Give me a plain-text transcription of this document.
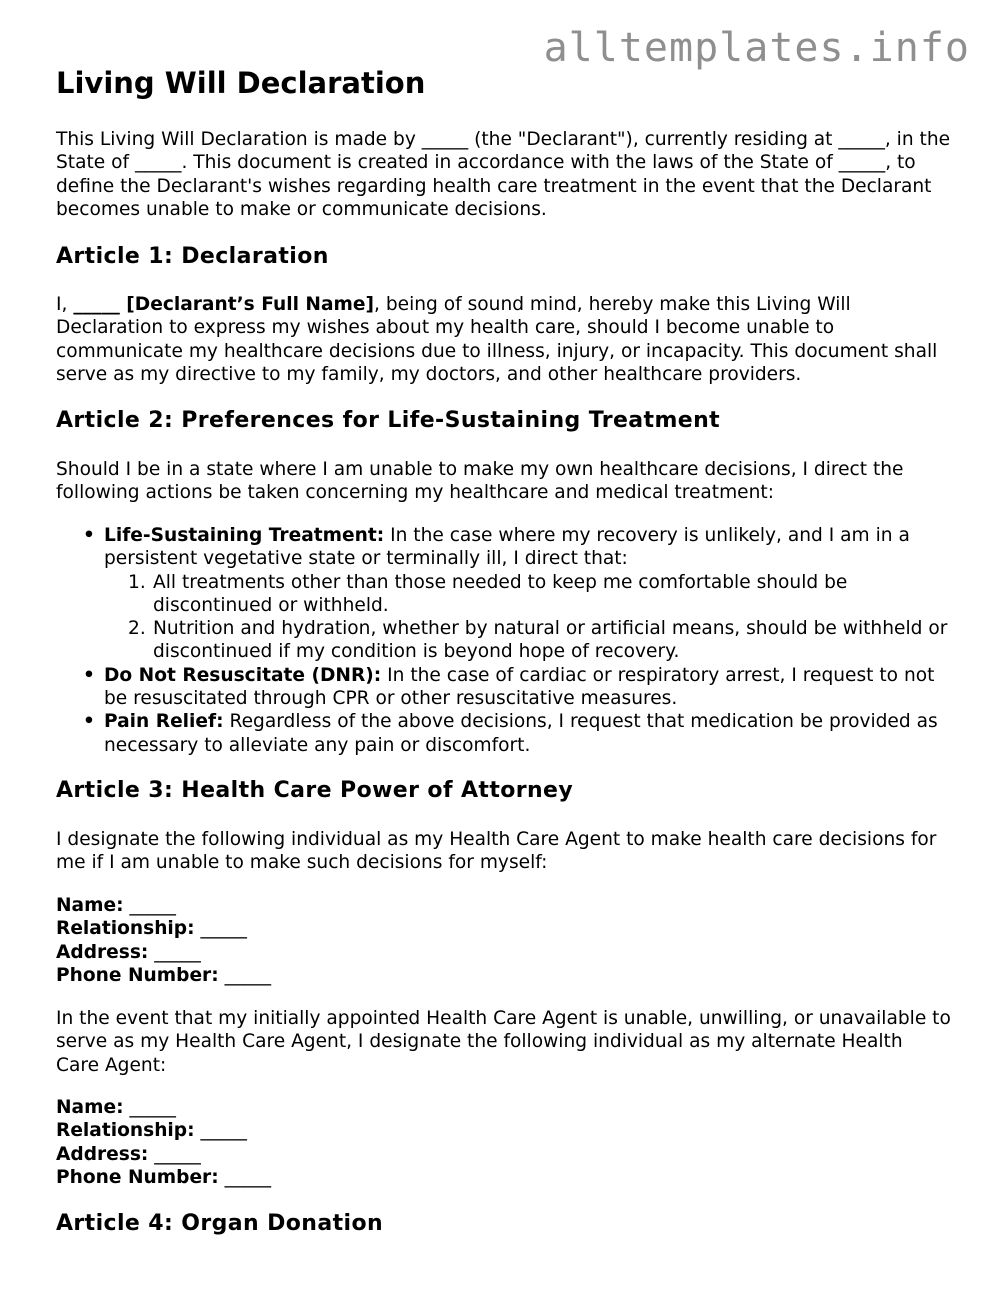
alltemplates.info
Living Will Declaration

This Living Will Declaration is made by _____ (the "Declarant"), currently residing at _____, in the State of _____. This document is created in accordance with the laws of the State of _____, to define the Declarant's wishes regarding health care treatment in the event that the Declarant becomes unable to make or communicate decisions.

Article 1: Declaration

I, _____ [Declarant’s Full Name], being of sound mind, hereby make this Living Will Declaration to express my wishes about my health care, should I become unable to communicate my healthcare decisions due to illness, injury, or incapacity. This document shall serve as my directive to my family, my doctors, and other healthcare providers.

Article 2: Preferences for Life-Sustaining Treatment

Should I be in a state where I am unable to make my own healthcare decisions, I direct the following actions be taken concerning my healthcare and medical treatment:

• Life-Sustaining Treatment: In the case where my recovery is unlikely, and I am in a persistent vegetative state or terminally ill, I direct that:
1. All treatments other than those needed to keep me comfortable should be discontinued or withheld.
2. Nutrition and hydration, whether by natural or artificial means, should be withheld or discontinued if my condition is beyond hope of recovery.
• Do Not Resuscitate (DNR): In the case of cardiac or respiratory arrest, I request to not be resuscitated through CPR or other resuscitative measures.
• Pain Relief: Regardless of the above decisions, I request that medication be provided as necessary to alleviate any pain or discomfort.
Article 3: Health Care Power of Attorney

I designate the following individual as my Health Care Agent to make health care decisions for me if I am unable to make such decisions for myself:

Name: _____
Relationship: _____
Address: _____
Phone Number: _____

In the event that my initially appointed Health Care Agent is unable, unwilling, or unavailable to serve as my Health Care Agent, I designate the following individual as my alternate Health Care Agent:

Name: _____
Relationship: _____
Address: _____
Phone Number: _____
Article 4: Organ Donation
